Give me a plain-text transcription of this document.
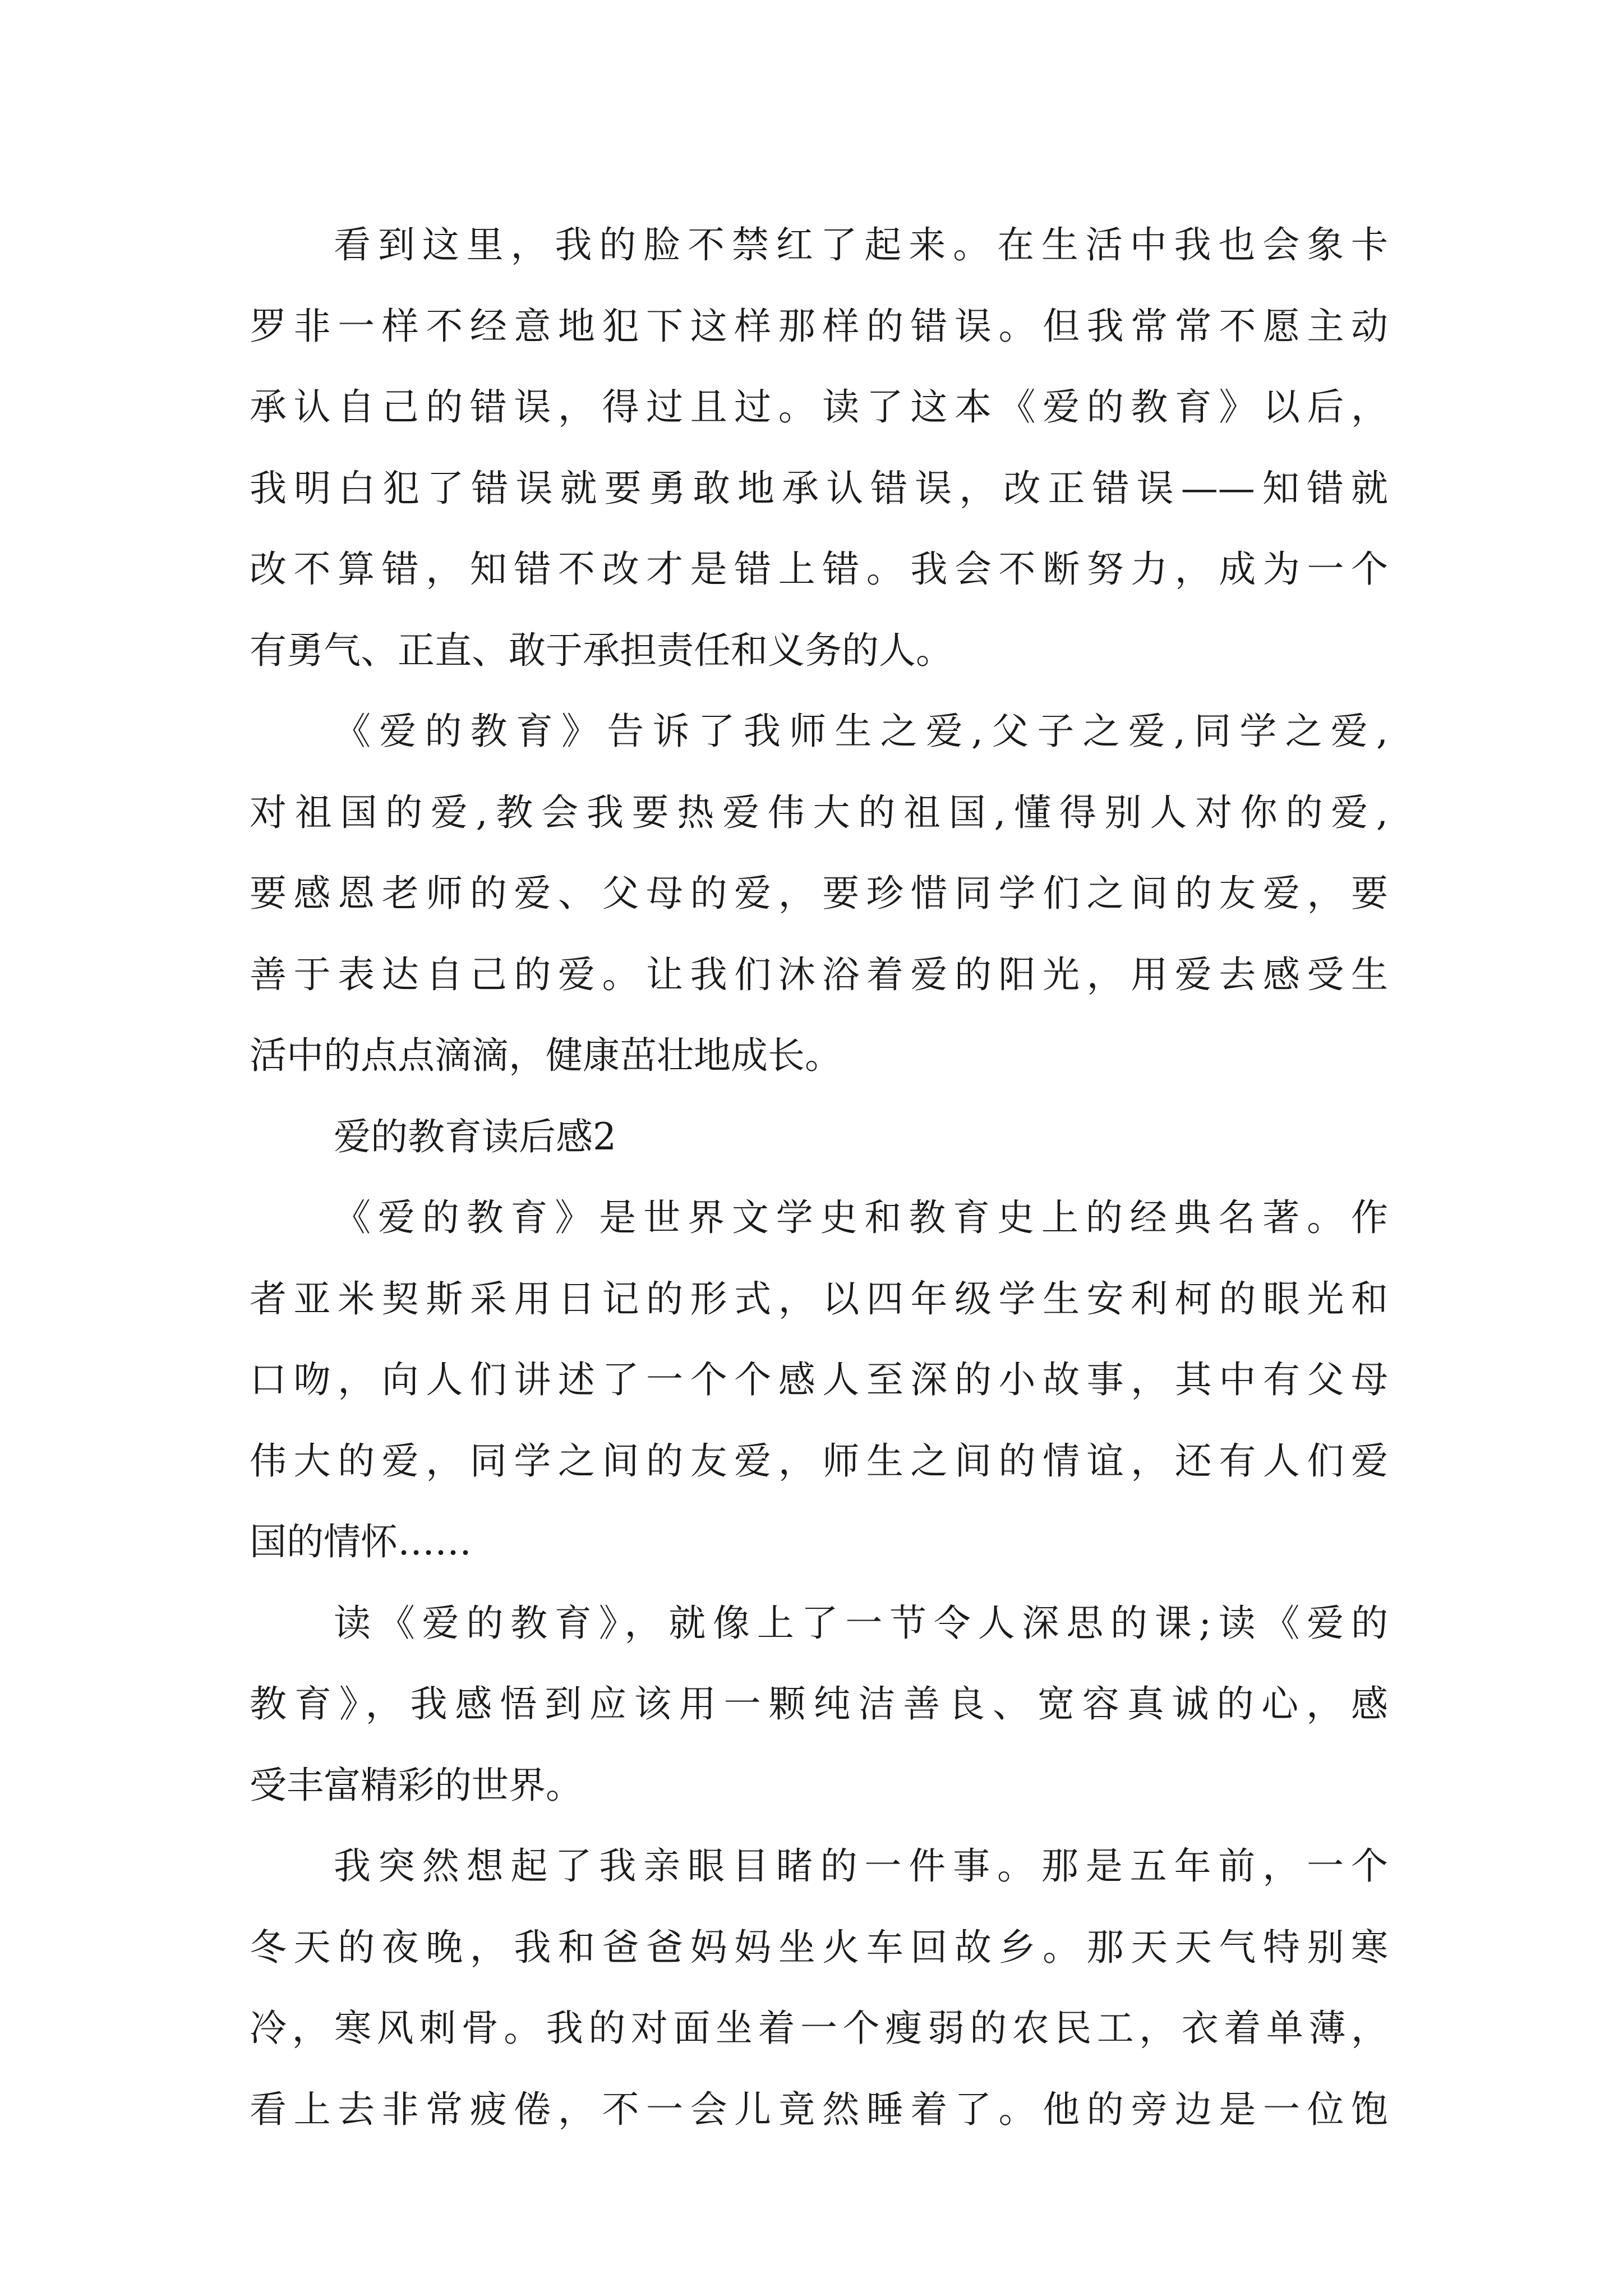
看到这里，我的脸不禁红了起来。在生活中我也会象卡
罗非一样不经意地犯下这样那样的错误。但我常常不愿主动
承认自己的错误，得过且过。读了这本《爱的教育》以后，
我明白犯了错误就要勇敢地承认错误，改正错误——知错就
改不算错，知错不改才是错上错。我会不断努力，成为一个
有勇气、正直、敢于承担责任和义务的人。
《爱的教育》告诉了我师生之爱,父子之爱,同学之爱,
对祖国的爱,教会我要热爱伟大的祖国,懂得别人对你的爱,
要感恩老师的爱、父母的爱，要珍惜同学们之间的友爱，要
善于表达自己的爱。让我们沐浴着爱的阳光，用爱去感受生
活中的点点滴滴，健康茁壮地成长。
爱的教育读后感2
《爱的教育》是世界文学史和教育史上的经典名著。作
者亚米契斯采用日记的形式，以四年级学生安利柯的眼光和
口吻，向人们讲述了一个个感人至深的小故事，其中有父母
伟大的爱，同学之间的友爱，师生之间的情谊，还有人们爱
国的情怀……
读《爱的教育》，就像上了一节令人深思的课;读《爱的
教育》，我感悟到应该用一颗纯洁善良、宽容真诚的心，感
受丰富精彩的世界。
我突然想起了我亲眼目睹的一件事。那是五年前，一个
冬天的夜晚，我和爸爸妈妈坐火车回故乡。那天天气特别寒
冷，寒风刺骨。我的对面坐着一个瘦弱的农民工，衣着单薄，
看上去非常疲倦，不一会儿竟然睡着了。他的旁边是一位饱
